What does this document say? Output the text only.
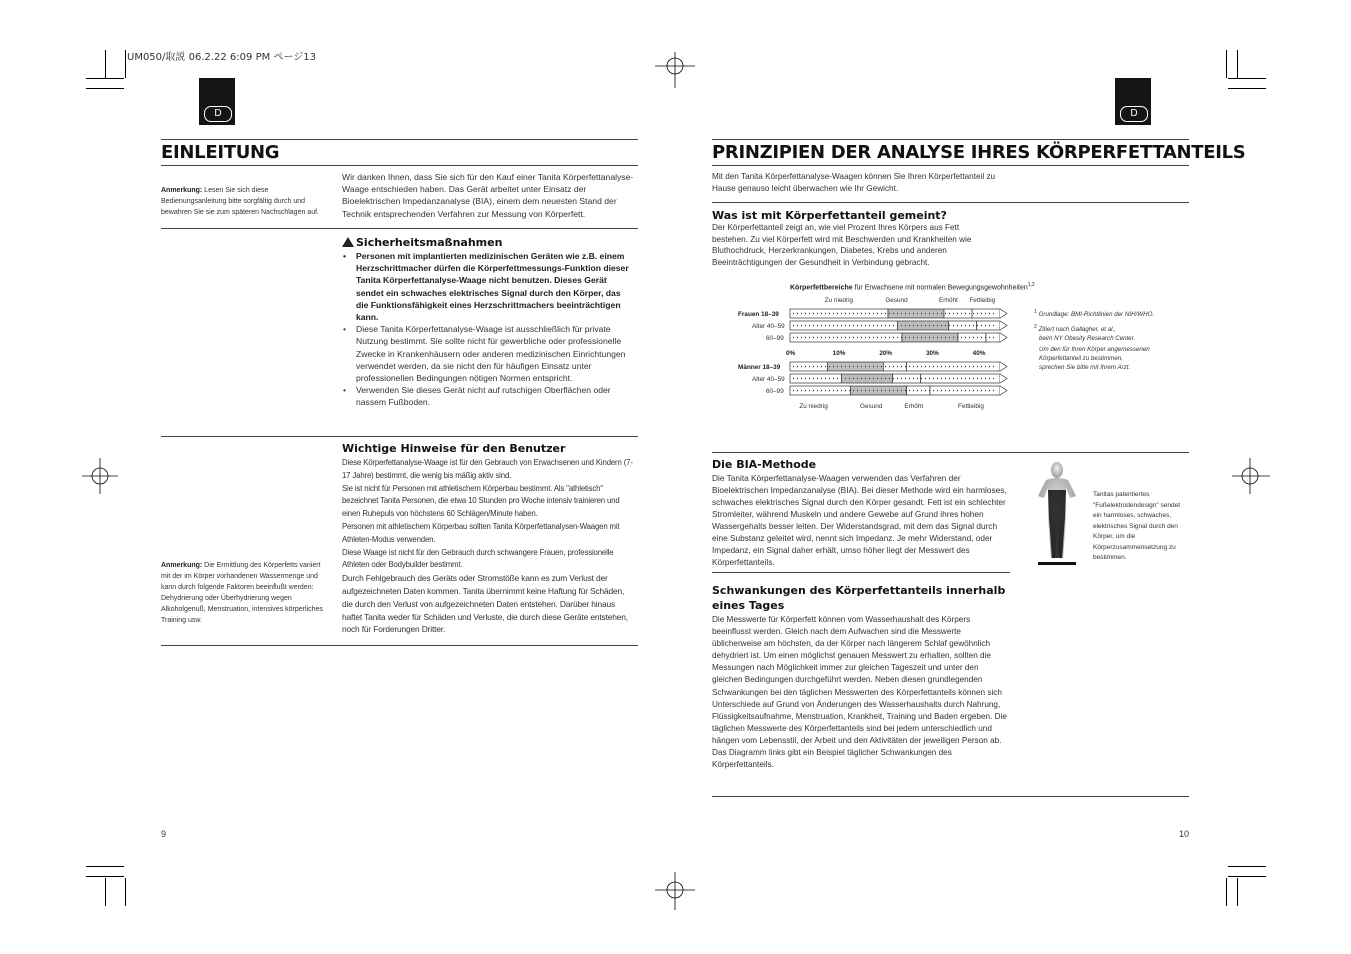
UM050/取説 06.2.22 6:09 PM ページ13
D
EINLEITUNG
Anmerkung: Lesen Sie sich diese Bedienungsanleitung bitte sorgfältig durch und bewahren Sie sie zum späteren Nachschlagen auf.
Wir danken Ihnen, dass Sie sich für den Kauf einer Tanita Körperfettanalyse-Waage entschieden haben. Das Gerät arbeitet unter Einsatz der Bioelektrischen Impedanzanalyse (BIA), einem dem neuesten Stand der Technik entsprechenden Verfahren zur Messung von Körperfett.
Sicherheitsmaßnahmen
• Personen mit implantierten medizinischen Geräten wie z.B. einem Herzschrittmacher dürfen die Körperfettmessungs-Funktion dieser Tanita Körperfettanalyse-Waage nicht benutzen. Dieses Gerät sendet ein schwaches elektrisches Signal durch den Körper, das die Funktionsfähigkeit eines Herzschrittmachers beeinträchtigen kann.
• Diese Tanita Körperfettanalyse-Waage ist ausschließlich für private Nutzung bestimmt. Sie sollte nicht für gewerbliche oder professionelle Zwecke in Krankenhäusern oder anderen medizinischen Einrichtungen verwendet werden, da sie nicht den für häufigen Einsatz unter professionellen Bedingungen nötigen Normen entspricht.
• Verwenden Sie dieses Gerät nicht auf rutschigen Oberflächen oder nassem Fußboden.
Wichtige Hinweise für den Benutzer
Diese Körperfettanalyse-Waage ist für den Gebrauch von Erwachsenen und Kindern (7-17 Jahre) bestimmt, die wenig bis mäßig aktiv sind.
Sie ist nicht für Personen mit athletischem Körperbau bestimmt. Als "athletisch" bezeichnet Tanita Personen, die etwa 10 Stunden pro Woche intensiv trainieren und einen Ruhepuls von höchstens 60 Schlägen/Minute haben.
Personen mit athletischem Körperbau sollten Tanita Körperfettanalysen-Waagen mit Athleten-Modus verwenden.
Diese Waage ist nicht für den Gebrauch durch schwangere Frauen, professionelle Athleten oder Bodybuilder bestimmt.
Durch Fehlgebrauch des Geräts oder Stromstöße kann es zum Verlust der aufgezeichneten Daten kommen. Tanita übernimmt keine Haftung für Schäden, die durch den Verlust von aufgezeichneten Daten entstehen. Darüber hinaus haftet Tanita weder für Schäden und Verluste, die durch diese Geräte entstehen, noch für Forderungen Dritter.
Anmerkung: Die Ermittlung des Körperfetts variiert mit der im Körper vorhandenen Wassermenge und kann durch folgende Faktoren beeinflußt werden: Dehydrierung oder Überhydrierung wegen Alkoholgenuß, Menstruation, intensives körperliches Training usw.
9
D
PRINZIPIEN DER ANALYSE IHRES KÖRPERFETTANTEILS
Mit den Tanita Körperfettanalyse-Waagen können Sie Ihren Körperfettanteil zu Hause genauso leicht überwachen wie Ihr Gewicht.
Was ist mit Körperfettanteil gemeint?
Der Körperfettanteil zeigt an, wie viel Prozent Ihres Körpers aus Fett bestehen. Zu viel Körperfett wird mit Beschwerden und Krankheiten wie Bluthochdruck, Herzerkrankungen, Diabetes, Krebs und anderen Beeinträchtigungen der Gesundheit in Verbindung gebracht.
Körperfettbereiche für Erwachsene mit normalen Bewegungsgewohnheiten$^{1,2}$
Zu niedrig	Gesund	Erhöht Fettleibig
Frauen 18–39
Alter 40–59
60–99
Männer 18–39
Alter 40–59
60–99
0%	10%	20%	30%	40%
Zu niedrig	Gesund	Erhöht	Fettleibig
$^1$ Grundlage: BMI-Richtlinien der NIH/WHO.
$^2$ Zitiert nach Gallagher, et al.,
beim NY Obesity Research Center.
Um den für Ihren Körper angemessenen
Körperfettanteil zu bestimmen,
sprechen Sie bitte mit Ihrem Arzt.
Die BIA-Methode
Die Tanita Körperfettanalyse-Waagen verwenden das Verfahren der Bioelektrischen Impedanzanalyse (BIA). Bei dieser Methode wird ein harmloses, schwaches elektrisches Signal durch den Körper gesandt. Fett ist ein schlechter Stromleiter, während Muskeln und andere Gewebe auf Grund ihres hohen Wassergehalts besser leiten. Der Widerstandsgrad, mit dem das Signal durch eine Substanz geleitet wird, nennt sich Impedanz. Je mehr Widerstand, oder Impedanz, ein Signal daher erhält, umso höher liegt der Messwert des Körperfettanteils.
Tanitas patentiertes "Fußelektrodendesign" sendet ein harmloses, schwaches, elektrisches Signal durch den Körper, um die Körperzusammensetzung zu bestimmen.
Schwankungen des Körperfettanteils innerhalb
eines Tages
Die Messwerte für Körperfett können vom Wasserhaushalt des Körpers beeinflusst werden. Gleich nach dem Aufwachen sind die Messwerte üblicherweise am höchsten, da der Körper nach längerem Schlaf gewöhnlich dehydriert ist. Um einen möglichst genauen Messwert zu erhalten, sollten die Messungen nach Möglichkeit immer zur gleichen Tageszeit und unter den gleichen Bedingungen durchgeführt werden. Neben diesen grundlegenden Schwankungen bei den täglichen Messwerten des Körperfettanteils können sich Unterschiede auf Grund von Änderungen des Wasserhaushalts durch Nahrung, Flüssigkeitsaufnahme, Menstruation, Krankheit, Training und Baden ergeben. Die täglichen Messwerte des Körperfettanteils sind bei jedem unterschiedlich und hängen vom Lebensstil, der Arbeit und den Aktivitäten der jeweiligen Person ab. Das Diagramm links gibt ein Beispiel täglicher Schwankungen des Körperfettanteils.
10
